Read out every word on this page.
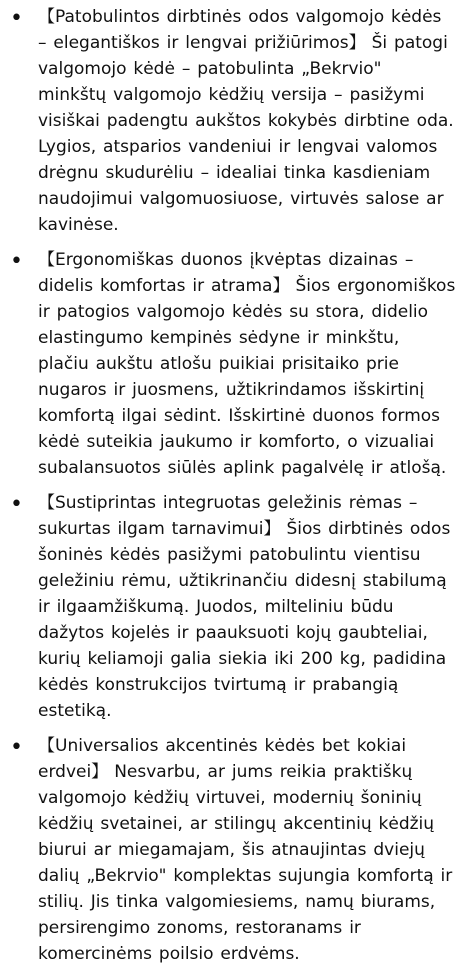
• 【Patobulintos dirbtinės odos valgomojo kėdės – elegantiškos ir lengvai prižiūrimos】 Ši patogi valgomojo kėdė – patobulinta „Bekrvio" minkštų valgomojo kėdžių versija – pasižymi visiškai padengtu aukštos kokybės dirbtine oda. Lygios, atsparios vandeniui ir lengvai valomos drėgnu skudurėliu – idealiai tinka kasdieniam naudojimui valgomuosiuose, virtuvės salose ar kavinėse.
• 【Ergonomiškas duonos įkvėptas dizainas – didelis komfortas ir atrama】 Šios ergonomiškos ir patogios valgomojo kėdės su stora, didelio elastingumo kempinės sėdyne ir minkštu, plačiu aukštu atlošu puikiai prisitaiko prie nugaros ir juosmens, užtikrindamos išskirtinį komfortą ilgai sėdint. Išskirtinė duonos formos kėdė suteikia jaukumo ir komforto, o vizualiai subalansuotos siūlės aplink pagalvėlę ir atlošą.
• 【Sustiprintas integruotas geležinis rėmas – sukurtas ilgam tarnavimui】 Šios dirbtinės odos šoninės kėdės pasižymi patobulintu vientisu geležiniu rėmu, užtikrinančiu didesnį stabilumą ir ilgaamžiškumą. Juodos, milteliniu būdu dažytos kojelės ir paauksuoti kojų gaubteliai, kurių keliamoji galia siekia iki 200 kg, padidina kėdės konstrukcijos tvirtumą ir prabangią estetiką.
• 【Universalios akcentinės kėdės bet kokiai erdvei】 Nesvarbu, ar jums reikia praktiškų valgomojo kėdžių virtuvei, modernių šoninių kėdžių svetainei, ar stilingų akcentinių kėdžių biurui ar miegamajam, šis atnaujintas dviejų dalių „Bekrvio" komplektas sujungia komfortą ir stilių. Jis tinka valgomiesiems, namų biurams, persirengimo zonoms, restoranams ir komercinėms poilsio erdvėms.
